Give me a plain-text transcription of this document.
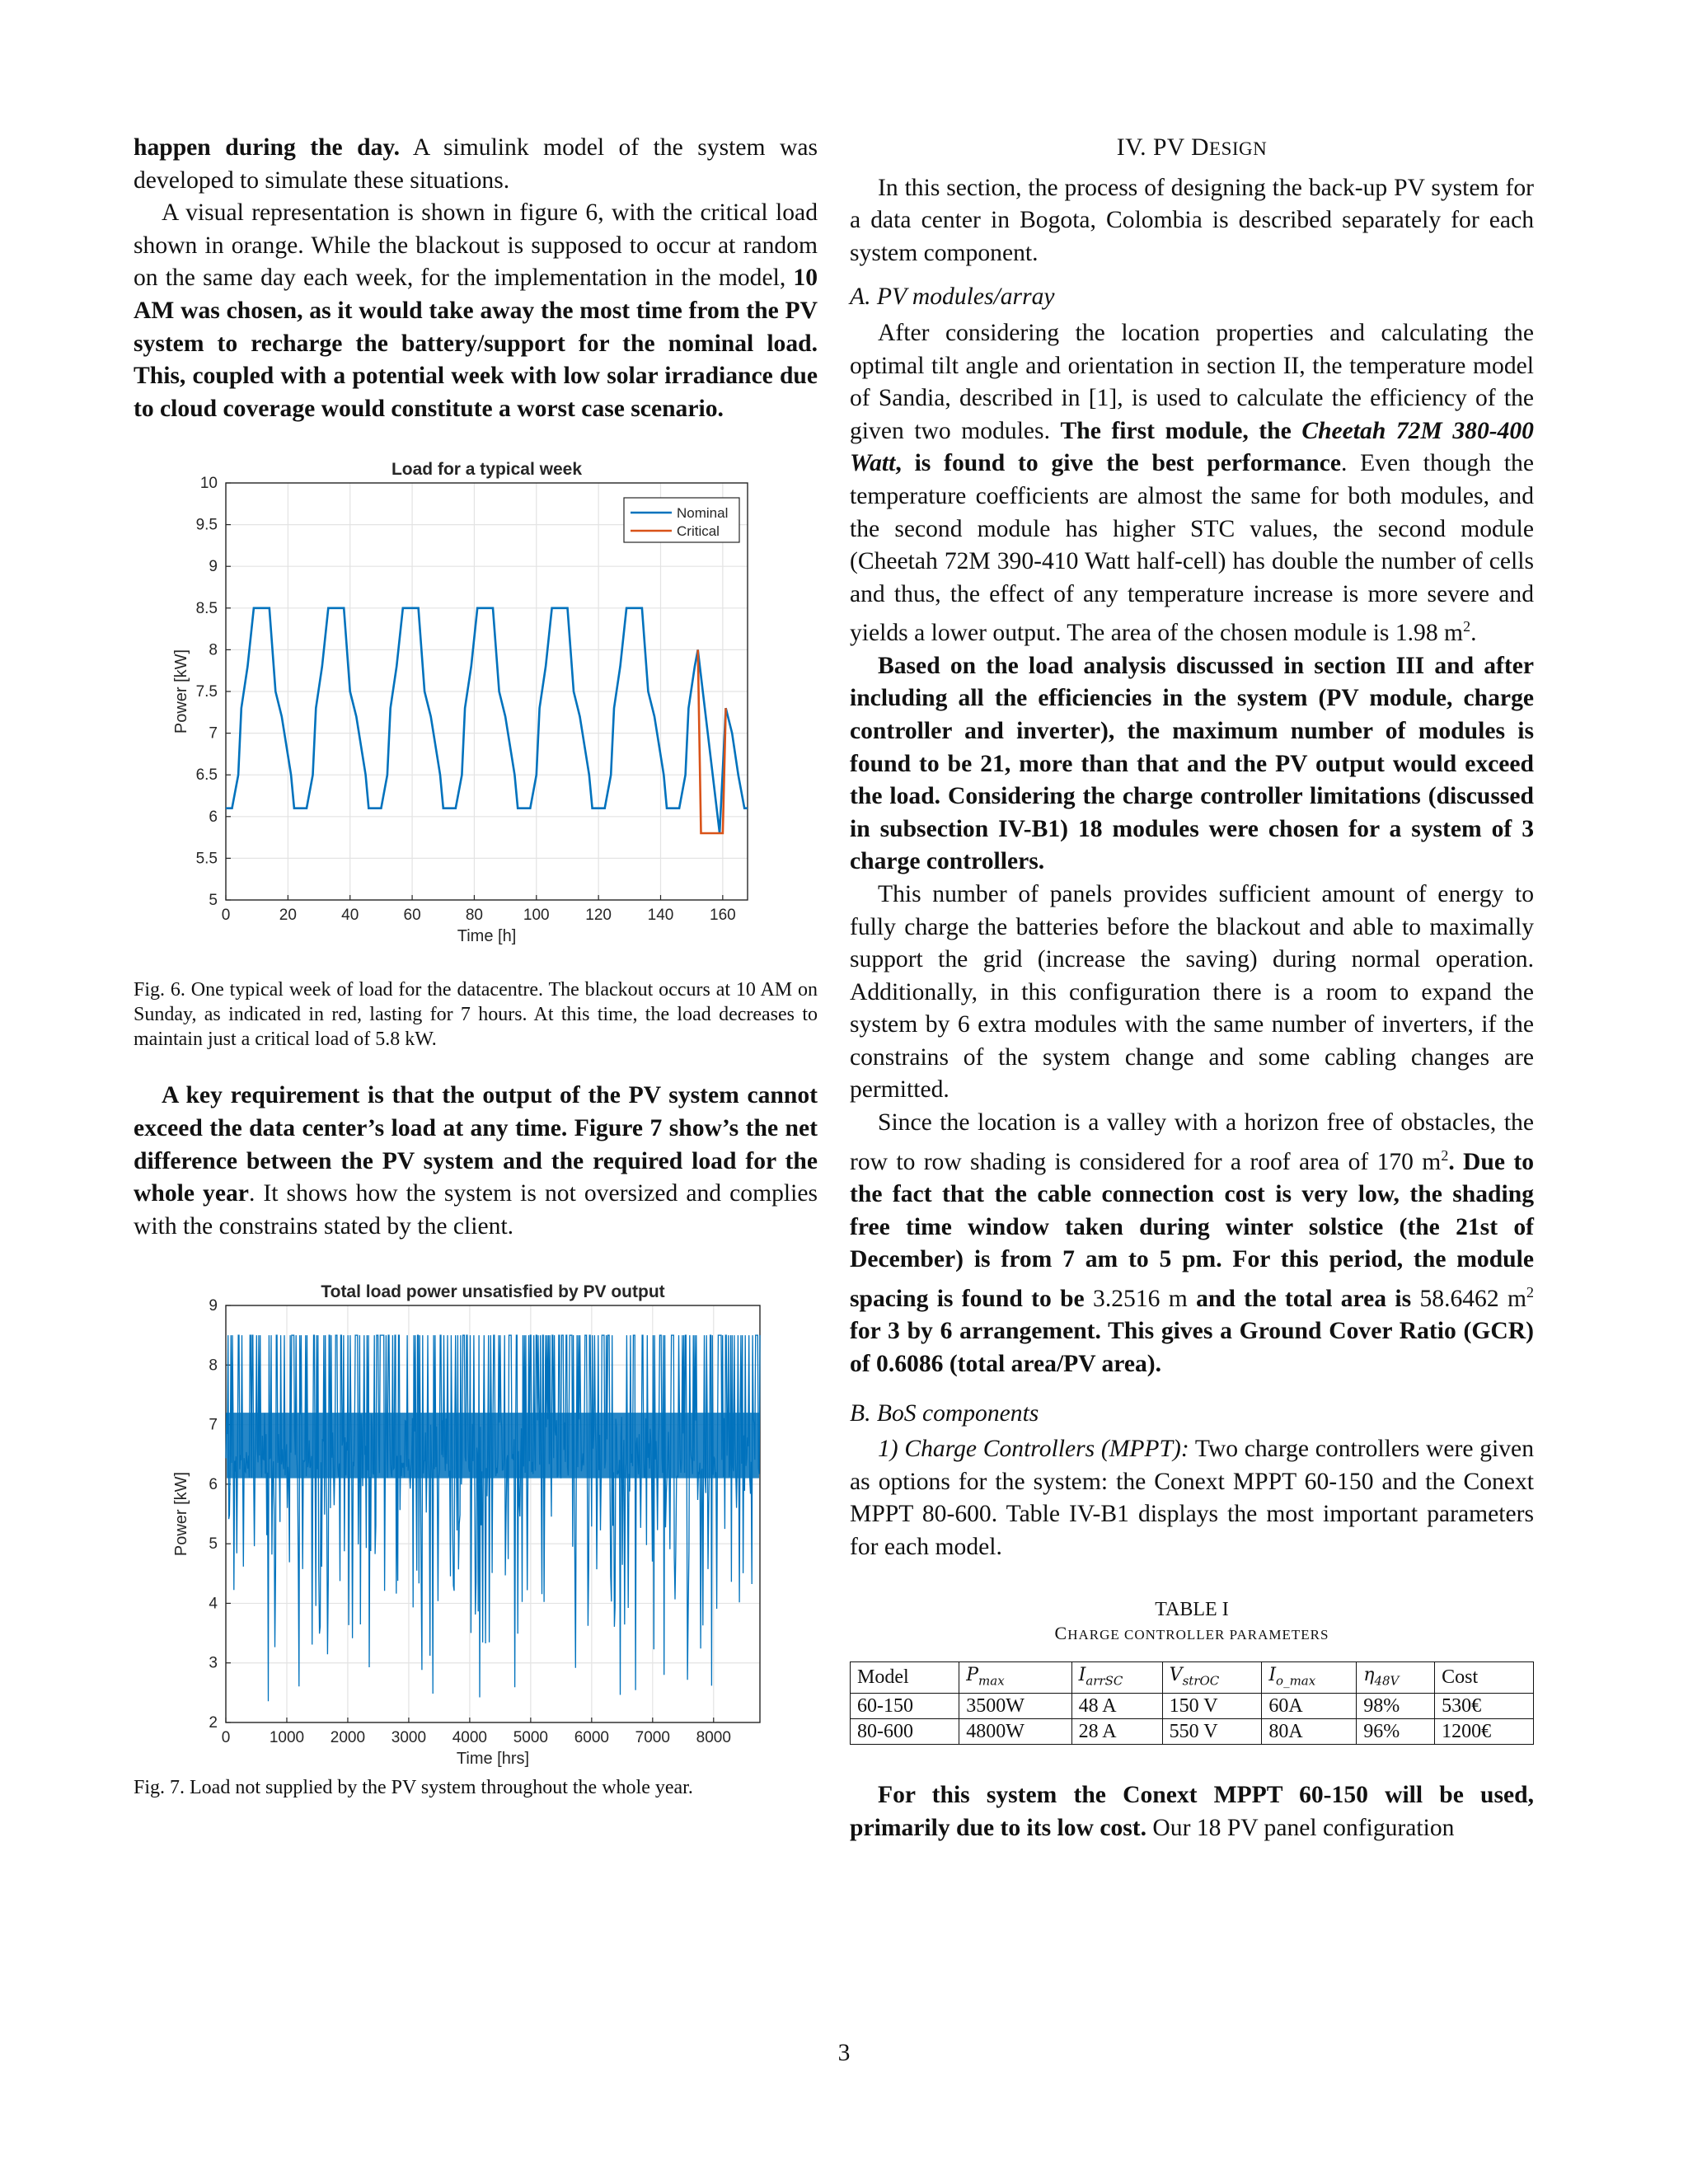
happen during the day. A simulink model of the system was developed to simulate these situations.

A visual representation is shown in figure 6, with the critical load shown in orange. While the blackout is supposed to occur at random on the same day each week, for the implementation in the model, 10 AM was chosen, as it would take away the most time from the PV system to recharge the battery/support for the nominal load. This, coupled with a potential week with low solar irradiance due to cloud coverage would constitute a worst case scenario.

0	20	40	60	80	100 120 140 160
5
5.5
6
6.5
7
7.5
8
8.5
9
9.5
10
Load for a typical week
Time [h]
Power [kW]
Nominal
Critical

Fig. 6. One typical week of load for the datacentre. The blackout occurs at 10 AM on Sunday, as indicated in red, lasting for 7 hours. At this time, the load decreases to maintain just a critical load of 5.8 kW.

A key requirement is that the output of the PV system cannot exceed the data center’s load at any time. Figure 7 show’s the net difference between the PV system and the required load for the whole year. It shows how the system is not oversized and complies with the constrains stated by the client.

0	1000 2000 3000 4000 5000 6000 7000 8000
2
3
4
5
6
7
8
9
Total load power unsatisfied by PV output
Time [hrs]
Power [kW]

Fig. 7. Load not supplied by the PV system throughout the whole year.

IV. PV DESIGN

In this section, the process of designing the back-up PV system for a data center in Bogota, Colombia is described separately for each system component.

A. PV modules/array

After considering the location properties and calculating the optimal tilt angle and orientation in section II, the temperature model of Sandia, described in [1], is used to calculate the efficiency of the given two modules. The first module, the Cheetah 72M 380-400 Watt, is found to give the best performance. Even though the temperature coefficients are almost the same for both modules, and the second module has higher STC values, the second module (Cheetah 72M 390-410 Watt half-cell) has double the number of cells and thus, the effect of any temperature increase is more severe and yields a lower output. The area of the chosen module is 1.98 $m^2$.

Based on the load analysis discussed in section III and after including all the efficiencies in the system (PV module, charge controller and inverter), the maximum number of modules is found to be 21, more than that and the PV output would exceed the load. Considering the charge controller limitations (discussed in subsection IV-B1) 18 modules were chosen for a system of 3 charge controllers.

This number of panels provides sufficient amount of energy to fully charge the batteries before the blackout and able to maximally support the grid (increase the saving) during normal operation. Additionally, in this configuration there is a room to expand the system by 6 extra modules with the same number of inverters, if the constrains of the system change and some cabling changes are permitted.

Since the location is a valley with a horizon free of obstacles, the row to row shading is considered for a roof area of 170 $m^2$. Due to the fact that the cable connection cost is very low, the shading free time window taken during winter solstice (the 21st of December) is from 7 am to 5 pm. For this period, the module spacing is found to be 3.2516 m and the total area is 58.6462 $m^2$ for 3 by 6 arrangement. This gives a Ground Cover Ratio (GCR) of 0.6086 (total area/PV area).

B. BoS components

1) Charge Controllers (MPPT): Two charge controllers were given as options for the system: the Conext MPPT 60-150 and the Conext MPPT 80-600. Table IV-B1 displays the most important parameters for each model.

TABLE I
CHARGE CONTROLLER PARAMETERS
Model	$P_{max}$	$I_{arrSC}$	$V_{strOC}$	$I_{o\_max}$	$\eta_{48V}$	Cost
60-150	3500W	48 A	150 V	60A	98%	530€
80-600	4800W	28 A	550 V	80A	96%	1200€

For this system the Conext MPPT 60-150 will be used, primarily due to its low cost. Our 18 PV panel configuration

3
